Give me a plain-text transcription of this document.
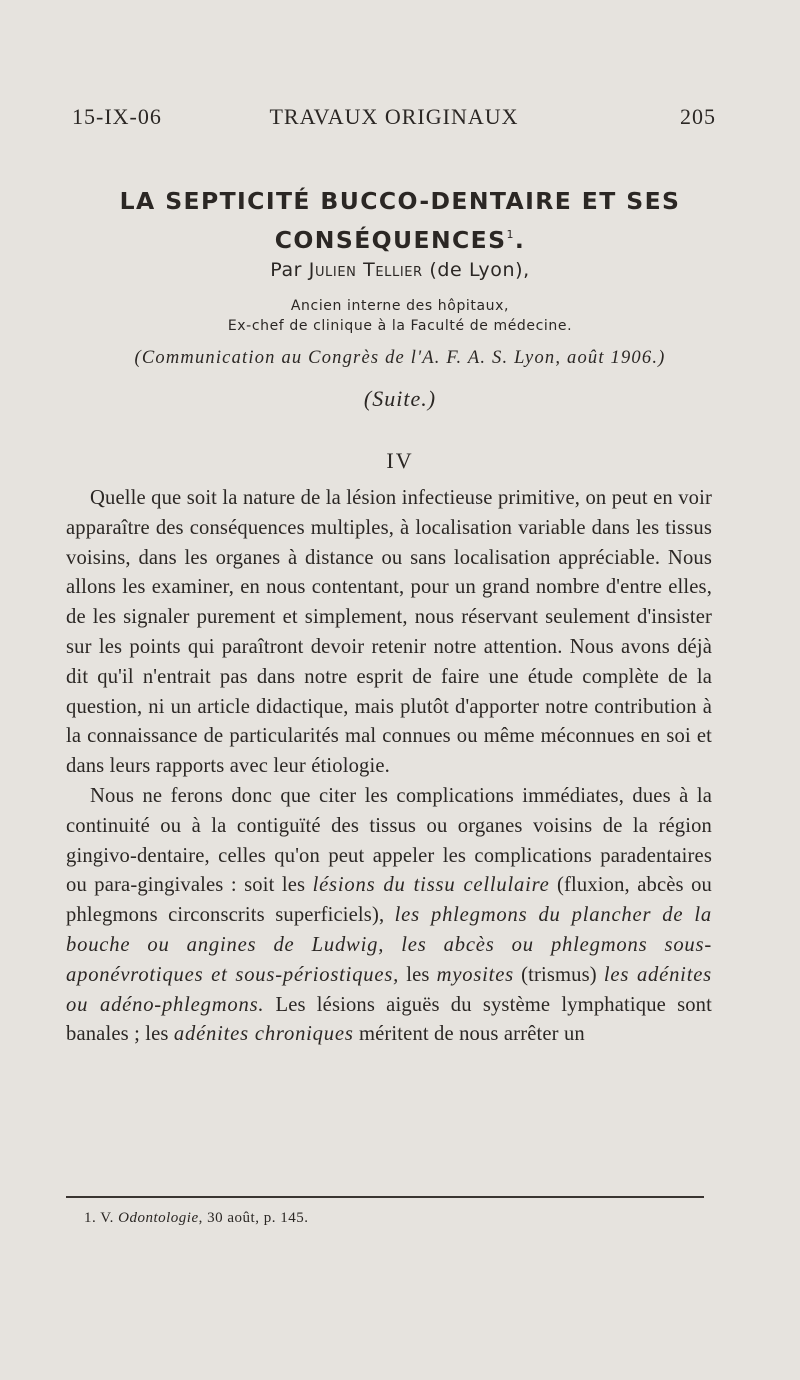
15-IX-06	TRAVAUX ORIGINAUX	205
LA SEPTICITÉ BUCCO-DENTAIRE ET SES
CONSÉQUENCES$^1$.
Par Julien Tellier (de Lyon),
Ancien interne des hôpitaux,
Ex-chef de clinique à la Faculté de médecine.
(Communication au Congrès de l'A. F. A. S. Lyon, août 1906.)
(Suite.)
IV

Quelle que soit la nature de la lésion infectieuse primitive, on peut en voir apparaître des conséquences multiples, à localisation variable dans les tissus voisins, dans les organes à distance ou sans localisation appréciable. Nous allons les examiner, en nous contentant, pour un grand nombre d'entre elles, de les signaler purement et simplement, nous réservant seulement d'insister sur les points qui paraîtront devoir retenir notre attention. Nous avons déjà dit qu'il n'entrait pas dans notre esprit de faire une étude complète de la question, ni un article didactique, mais plutôt d'apporter notre contribution à la connaissance de particularités mal connues ou même méconnues en soi et dans leurs rapports avec leur étiologie.

Nous ne ferons donc que citer les complications immédiates, dues à la continuité ou à la contiguïté des tissus ou organes voisins de la région gingivo-dentaire, celles qu'on peut appeler les complications paradentaires ou para-gingivales : soit les lésions du tissu cellulaire (fluxion, abcès ou phlegmons circonscrits superficiels), les phlegmons du plancher de la bouche ou angines de Ludwig, les abcès ou phlegmons sous-aponévrotiques et sous-périostiques, les myosites (trismus) les adénites ou adéno-phlegmons. Les lésions aiguës du système lymphatique sont banales ; les adénites chroniques méritent de nous arrêter un

1. V. Odontologie, 30 août, p. 145.
